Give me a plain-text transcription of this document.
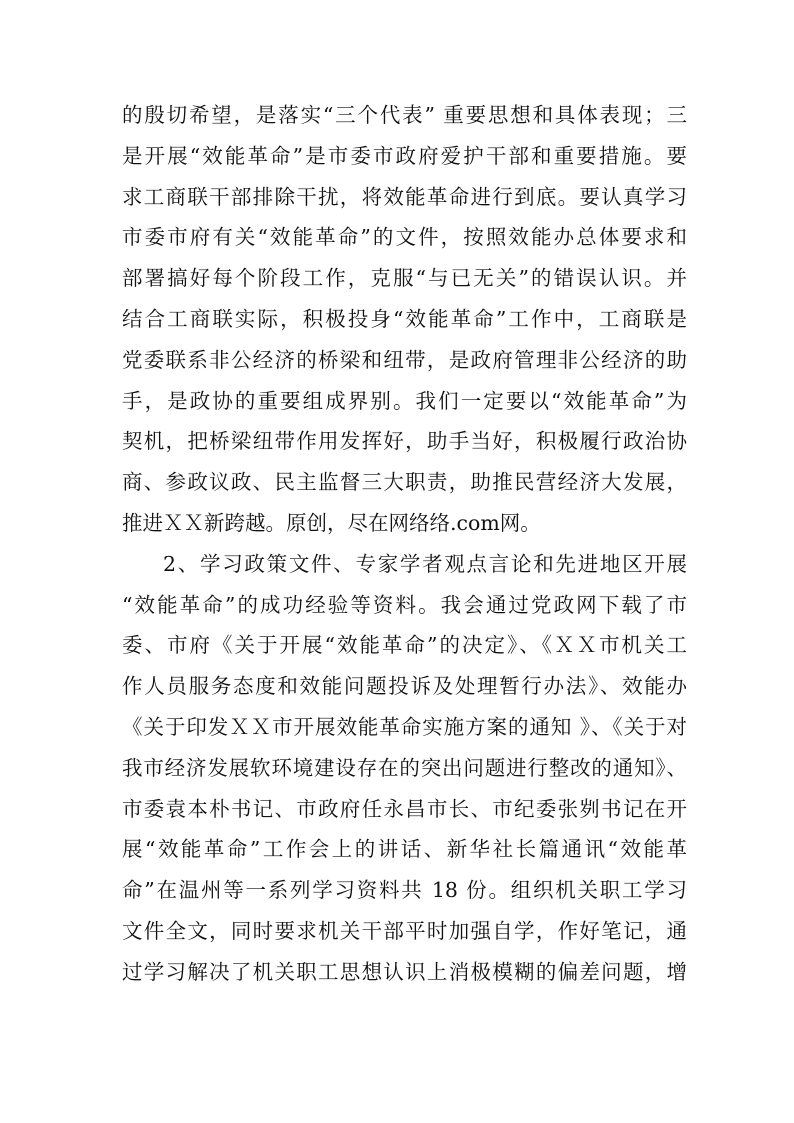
的殷切希望，是落实“三个代表” 重要思想和具体表现；三
是开展“效能革命”是市委市政府爱护干部和重要措施。要
求工商联干部排除干扰，将效能革命进行到底。要认真学习
市委市府有关“效能革命”的文件，按照效能办总体要求和
部署搞好每个阶段工作，克服“与已无关”的错误认识。并
结合工商联实际，积极投身“效能革命”工作中，工商联是
党委联系非公经济的桥梁和纽带，是政府管理非公经济的助
手，是政协的重要组成界别。我们一定要以“效能革命”为
契机，把桥梁纽带作用发挥好，助手当好，积极履行政治协
商、参政议政、民主监督三大职责，助推民营经济大发展，
推进ＸＸ新跨越。原创，尽在网络络.com网。
2、学习政策文件、专家学者观点言论和先进地区开展
“效能革命”的成功经验等资料。我会通过党政网下载了市
委、市府《关于开展“效能革命”的决定》、《ＸＸ市机关工
作人员服务态度和效能问题投诉及处理暂行办法》、效能办
《关于印发ＸＸ市开展效能革命实施方案的通知 》、《关于对
我市经济发展软环境建设存在的突出问题进行整改的通知》、
市委袁本朴书记、市政府任永昌市长、市纪委张刿书记在开
展“效能革命”工作会上的讲话、新华社长篇通讯“效能革
命”在温州等一系列学习资料共 18 份。组织机关职工学习
文件全文，同时要求机关干部平时加强自学，作好笔记，通
过学习解决了机关职工思想认识上消极模糊的偏差问题，增
